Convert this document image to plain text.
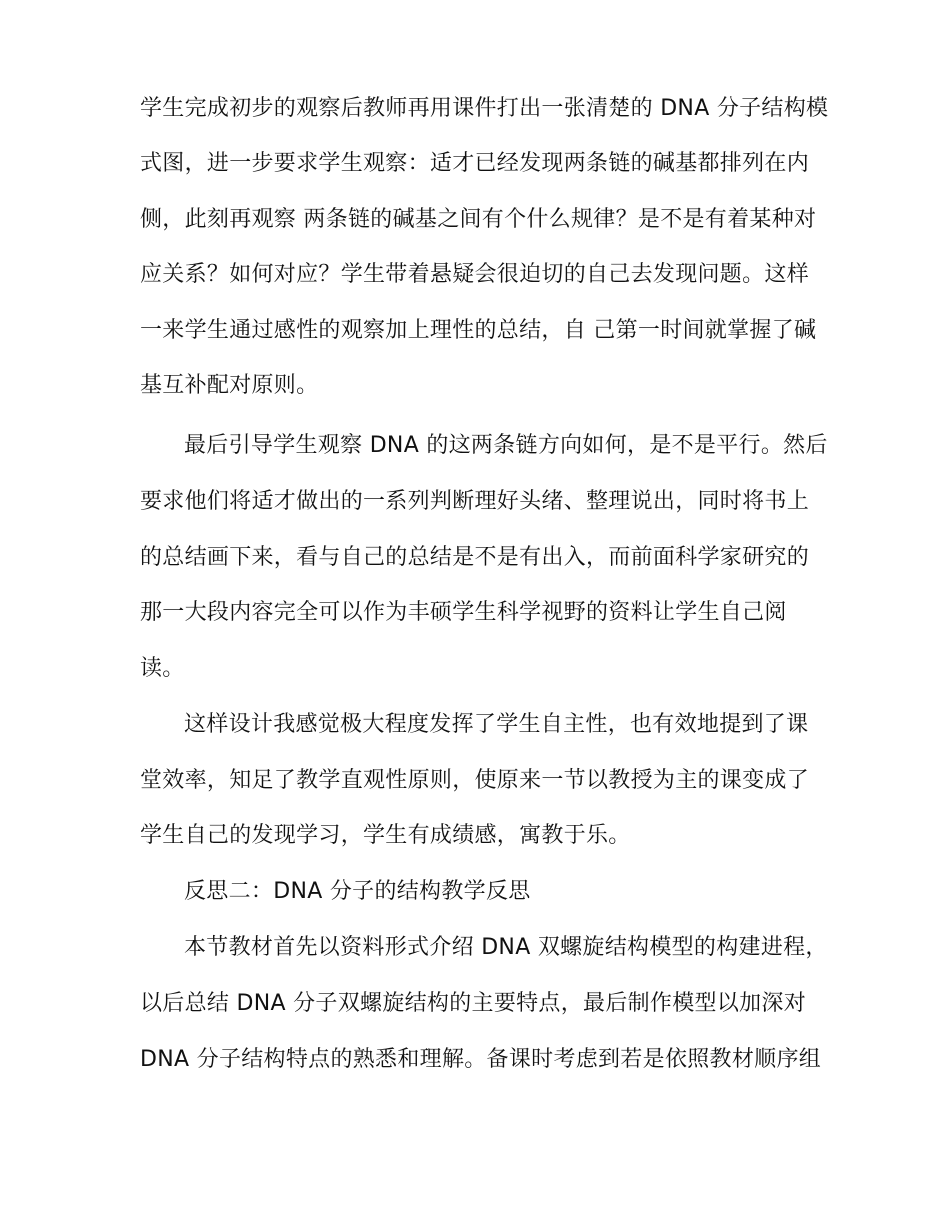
学生完成初步的观察后教师再用课件打出一张清楚的 DNA 分子结构模
式图，进一步要求学生观察：适才已经发现两条链的碱基都排列在内
侧，此刻再观察 两条链的碱基之间有个什么规律？是不是有着某种对
应关系？如何对应？学生带着悬疑会很迫切的自己去发现问题。这样
一来学生通过感性的观察加上理性的总结，自 己第一时间就掌握了碱
基互补配对原则。
最后引导学生观察 DNA 的这两条链方向如何，是不是平行。然后
要求他们将适才做出的一系列判断理好头绪、整理说出，同时将书上
的总结画下来，看与自己的总结是不是有出入，而前面科学家研究的
那一大段内容完全可以作为丰硕学生科学视野的资料让学生自己阅
读。
这样设计我感觉极大程度发挥了学生自主性，也有效地提到了课
堂效率，知足了教学直观性原则，使原来一节以教授为主的课变成了
学生自己的发现学习，学生有成绩感，寓教于乐。
反思二：DNA 分子的结构教学反思
本节教材首先以资料形式介绍 DNA 双螺旋结构模型的构建进程，
以后总结 DNA 分子双螺旋结构的主要特点，最后制作模型以加深对
DNA 分子结构特点的熟悉和理解。备课时考虑到若是依照教材顺序组
